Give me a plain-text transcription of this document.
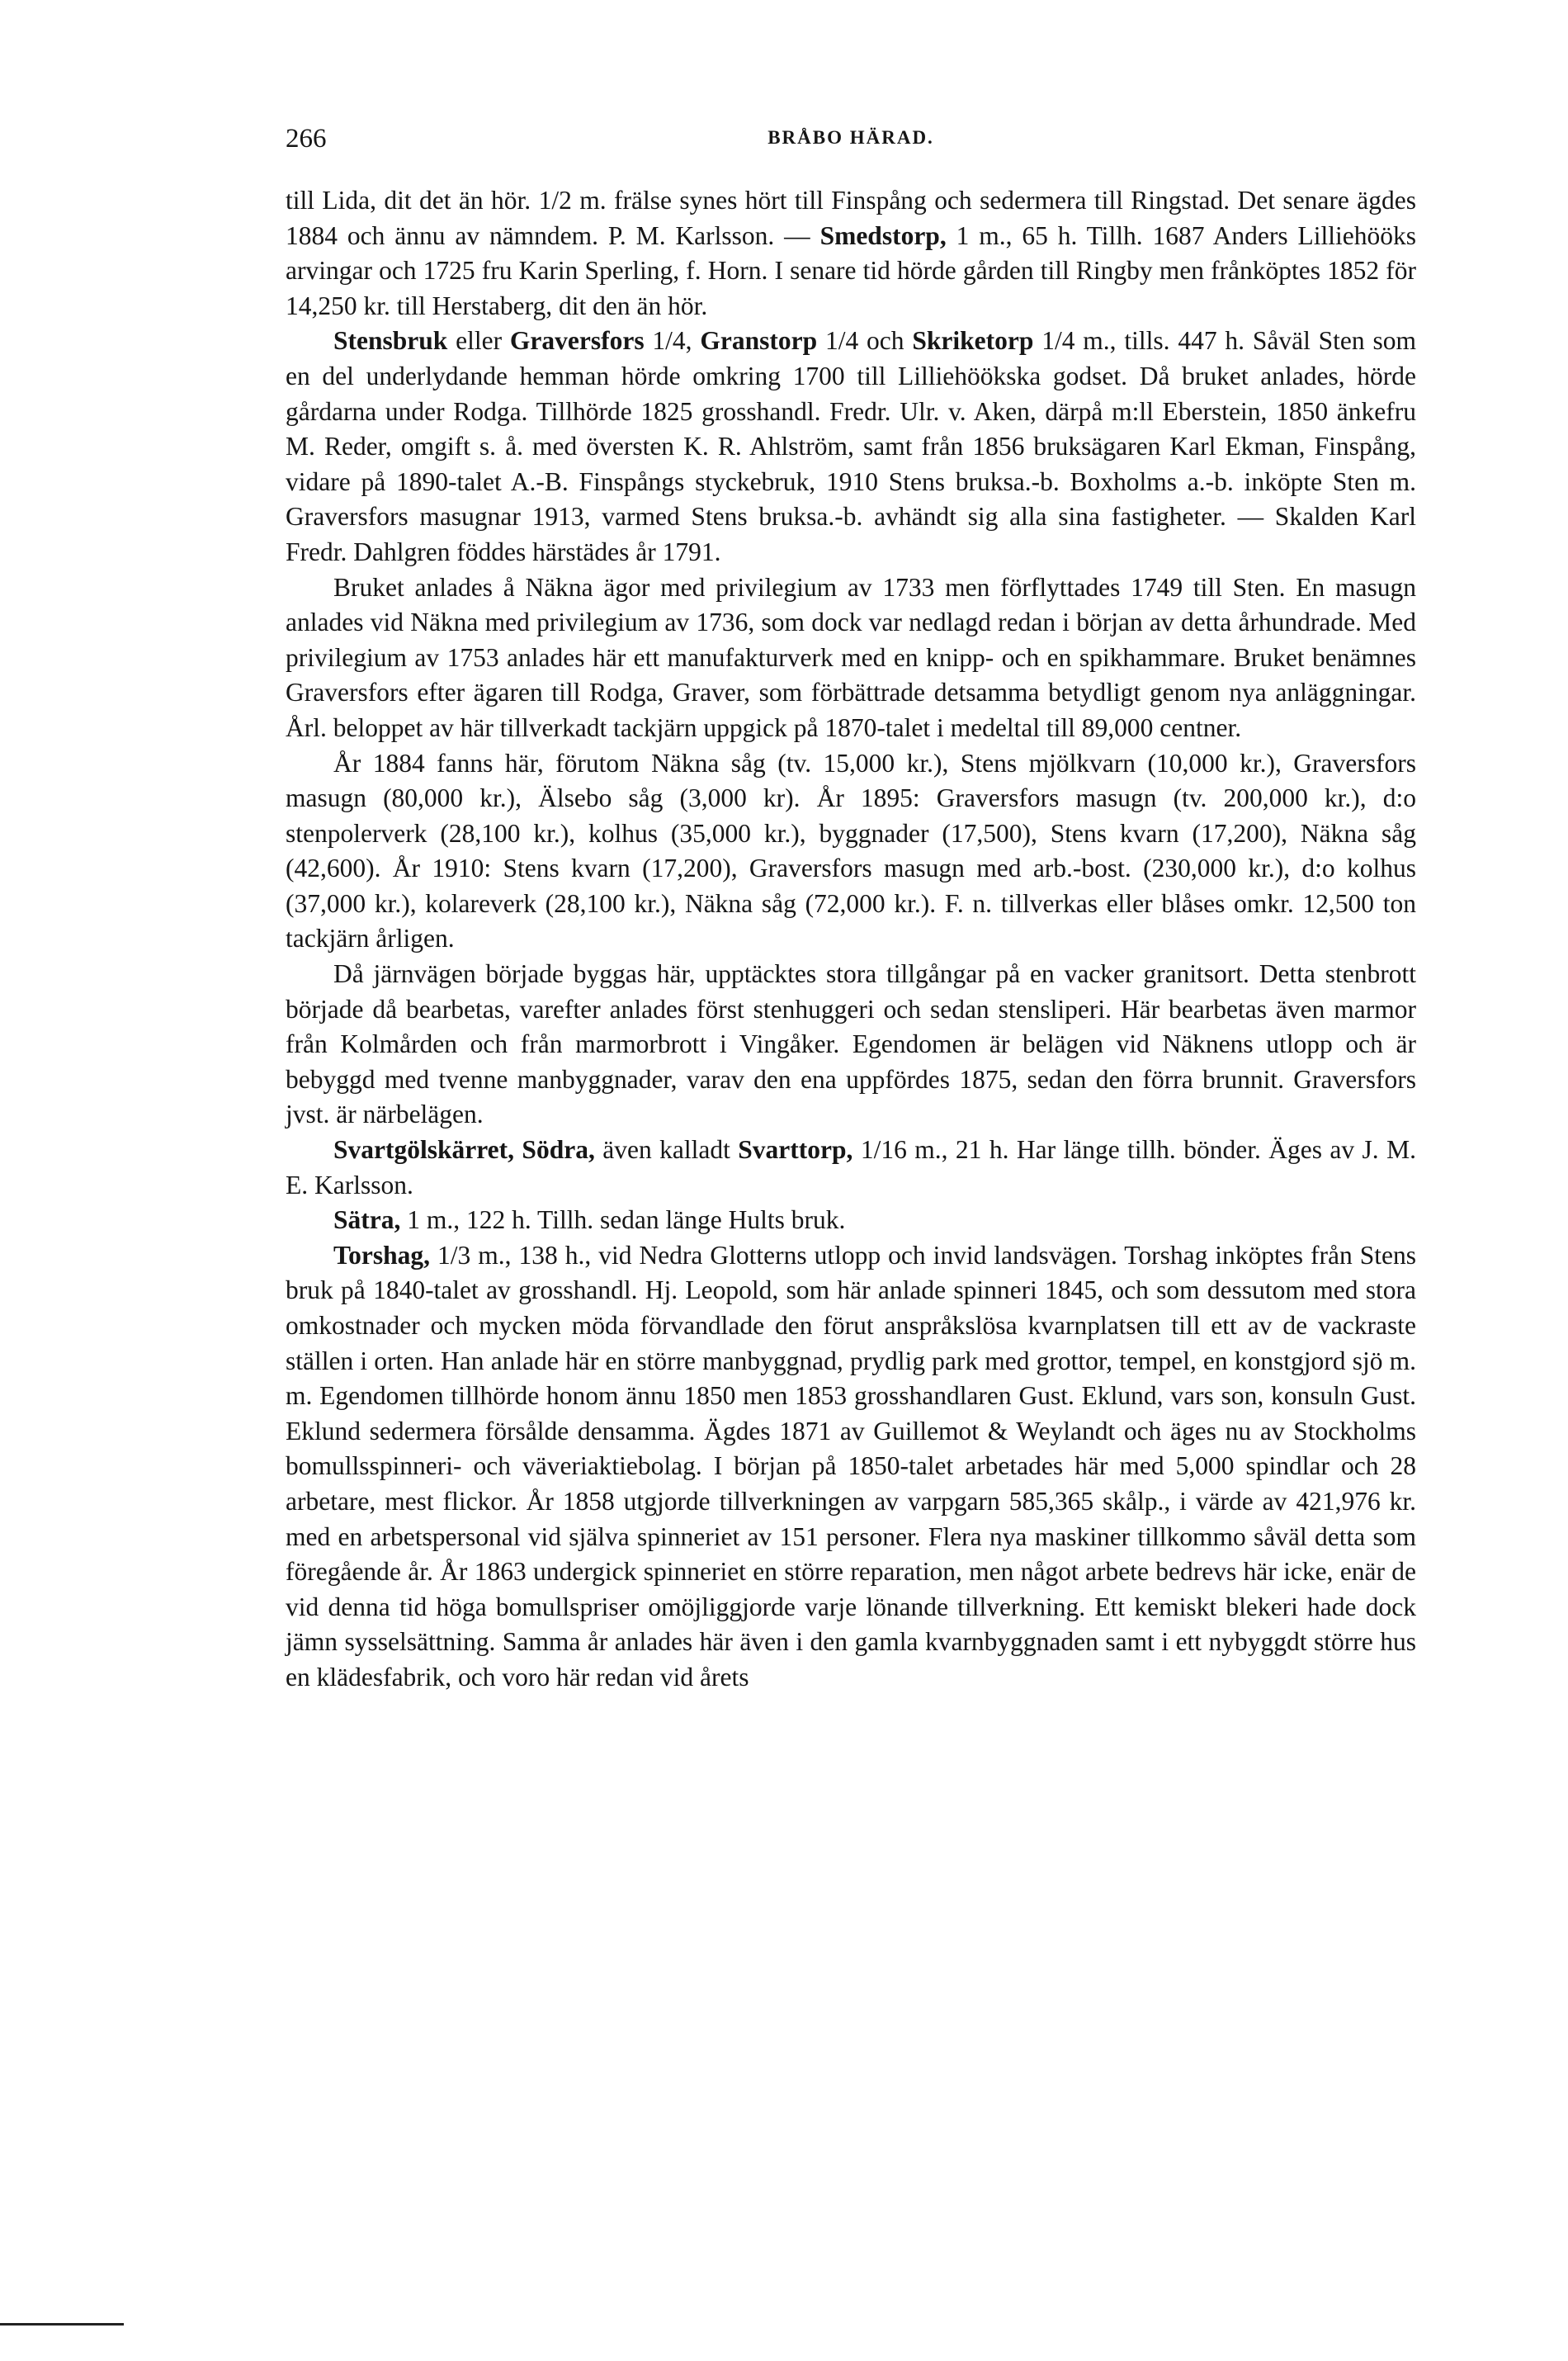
266	BRÅBO HÄRAD.

till Lida, dit det än hör. 1/2 m. frälse synes hört till Finspång och sedermera till Ringstad. Det senare ägdes 1884 och ännu av nämndem. P. M. Karlsson. — Smedstorp, 1 m., 65 h. Tillh. 1687 Anders Lilliehööks arvingar och 1725 fru Karin Sperling, f. Horn. I senare tid hörde gården till Ringby men frånköptes 1852 för 14,250 kr. till Herstaberg, dit den än hör.

Stensbruk eller Graversfors 1/4, Granstorp 1/4 och Skriketorp 1/4 m., tills. 447 h. Såväl Sten som en del underlydande hemman hörde omkring 1700 till Lilliehöökska godset. Då bruket anlades, hörde gårdarna under Rodga. Tillhörde 1825 grosshandl. Fredr. Ulr. v. Aken, därpå m:ll Eberstein, 1850 änkefru M. Reder, omgift s. å. med översten K. R. Ahlström, samt från 1856 bruksägaren Karl Ekman, Finspång, vidare på 1890-talet A.-B. Finspångs styckebruk, 1910 Stens bruksa.-b. Boxholms a.-b. inköpte Sten m. Graversfors masugnar 1913, varmed Stens bruksa.-b. avhändt sig alla sina fastigheter. — Skalden Karl Fredr. Dahlgren föddes härstädes år 1791.

Bruket anlades å Näkna ägor med privilegium av 1733 men förflyttades 1749 till Sten. En masugn anlades vid Näkna med privilegium av 1736, som dock var nedlagd redan i början av detta århundrade. Med privilegium av 1753 anlades här ett manufakturverk med en knipp- och en spikhammare. Bruket benämnes Graversfors efter ägaren till Rodga, Graver, som förbättrade detsamma betydligt genom nya anläggningar. Årl. beloppet av här tillverkadt tackjärn uppgick på 1870-talet i medeltal till 89,000 centner.

År 1884 fanns här, förutom Näkna såg (tv. 15,000 kr.), Stens mjölkvarn (10,000 kr.), Graversfors masugn (80,000 kr.), Älsebo såg (3,000 kr). År 1895: Graversfors masugn (tv. 200,000 kr.), d:o stenpolerverk (28,100 kr.), kolhus (35,000 kr.), byggnader (17,500), Stens kvarn (17,200), Näkna såg (42,600). År 1910: Stens kvarn (17,200), Graversfors masugn med arb.-bost. (230,000 kr.), d:o kolhus (37,000 kr.), kolareverk (28,100 kr.), Näkna såg (72,000 kr.). F. n. tillverkas eller blåses omkr. 12,500 ton tackjärn årligen.

Då järnvägen började byggas här, upptäcktes stora tillgångar på en vacker granitsort. Detta stenbrott började då bearbetas, varefter anlades först stenhuggeri och sedan stensliperi. Här bearbetas även marmor från Kolmården och från marmorbrott i Vingåker. Egendomen är belägen vid Näknens utlopp och är bebyggd med tvenne manbyggnader, varav den ena uppfördes 1875, sedan den förra brunnit. Graversfors jvst. är närbelägen.

Svartgölskärret, Södra, även kalladt Svarttorp, 1/16 m., 21 h. Har länge tillh. bönder. Äges av J. M. E. Karlsson.

Sätra, 1 m., 122 h. Tillh. sedan länge Hults bruk.

Torshag, 1/3 m., 138 h., vid Nedra Glotterns utlopp och invid landsvägen. Torshag inköptes från Stens bruk på 1840-talet av grosshandl. Hj. Leopold, som här anlade spinneri 1845, och som dessutom med stora omkostnader och mycken möda förvandlade den förut anspråkslösa kvarnplatsen till ett av de vackraste ställen i orten. Han anlade här en större manbyggnad, prydlig park med grottor, tempel, en konstgjord sjö m. m. Egendomen tillhörde honom ännu 1850 men 1853 grosshandlaren Gust. Eklund, vars son, konsuln Gust. Eklund sedermera försålde densamma. Ägdes 1871 av Guillemot & Weylandt och äges nu av Stockholms bomullsspinneri- och väveriaktiebolag. I början på 1850-talet arbetades här med 5,000 spindlar och 28 arbetare, mest flickor. År 1858 utgjorde tillverkningen av varpgarn 585,365 skålp., i värde av 421,976 kr. med en arbetspersonal vid själva spinneriet av 151 personer. Flera nya maskiner tillkommo såväl detta som föregående år. År 1863 undergick spinneriet en större reparation, men något arbete bedrevs här icke, enär de vid denna tid höga bomullspriser omöjliggjorde varje lönande tillverkning. Ett kemiskt blekeri hade dock jämn sysselsättning. Samma år anlades här även i den gamla kvarnbyggnaden samt i ett nybyggdt större hus en klädesfabrik, och voro här redan vid årets
